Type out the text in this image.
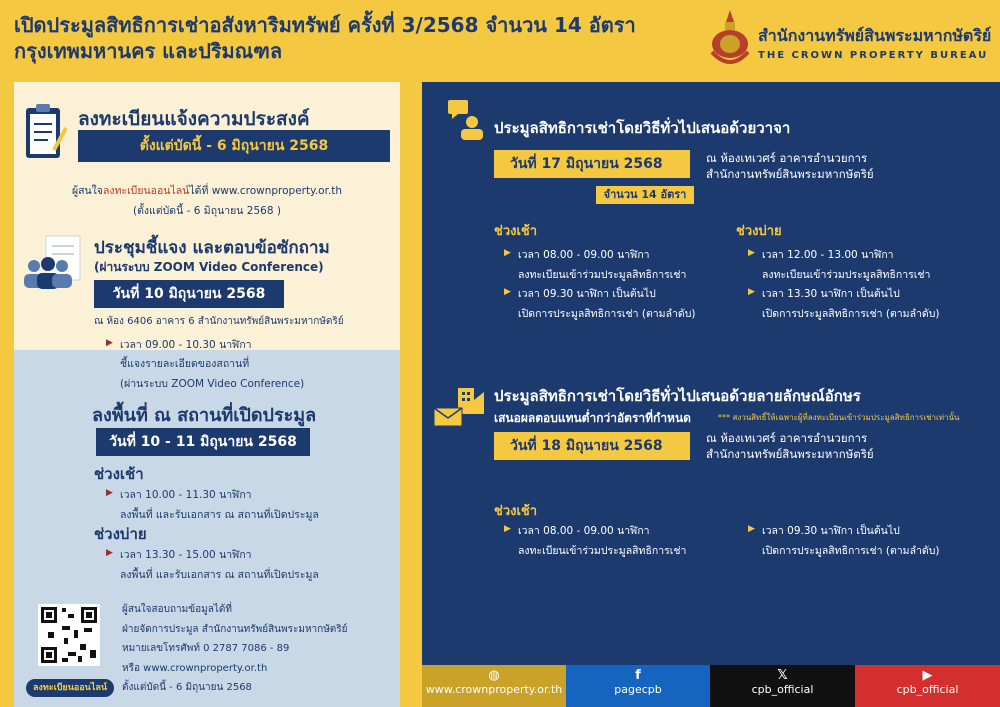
เปิดประมูลสิทธิการเช่าอสังหาริมทรัพย์ ครั้งที่ 3/2568 จำนวน 14 อัตรา
กรุงเทพมหานคร และปริมณฑล
สำนักงานทรัพย์สินพระมหากษัตริย์
THE CROWN PROPERTY BUREAU
ลงทะเบียนแจ้งความประสงค์
ตั้งแต่บัดนี้ - 6 มิถุนายน 2568
ผู้สนใจลงทะเบียนออนไลน์ได้ที่ www.crownproperty.or.th
(ตั้งแต่บัดนี้ - 6 มิถุนายน 2568 )
ประชุมชี้แจง และตอบข้อซักถาม
(ผ่านระบบ ZOOM Video Conference)
วันที่ 10 มิถุนายน 2568
ณ ห้อง 6406 อาคาร 6 สำนักงานทรัพย์สินพระมหากษัตริย์
▶ เวลา 09.00 - 10.30 นาฬิกา
ชี้แจงรายละเอียดของสถานที่
(ผ่านระบบ ZOOM Video Conference)
ลงพื้นที่ ณ สถานที่เปิดประมูล
วันที่ 10 - 11 มิถุนายน 2568
ช่วงเช้า
▶ เวลา 10.00 - 11.30 นาฬิกา
ลงพื้นที่ และรับเอกสาร ณ สถานที่เปิดประมูล
ช่วงบ่าย
▶ เวลา 13.30 - 15.00 นาฬิกา
ลงพื้นที่ และรับเอกสาร ณ สถานที่เปิดประมูล
ลงทะเบียนออนไลน์
ผู้สนใจสอบถามข้อมูลได้ที่
ฝ่ายจัดการประมูล สำนักงานทรัพย์สินพระมหากษัตริย์
หมายเลขโทรศัพท์ 0 2787 7086 - 89
หรือ www.crownproperty.or.th
ตั้งแต่บัดนี้ - 6 มิถุนายน 2568
ประมูลสิทธิการเช่าโดยวิธีทั่วไปเสนอด้วยวาจา
วันที่ 17 มิถุนายน 2568
จำนวน 14 อัตรา
ณ ห้องเทเวศร์ อาคารอำนวยการ
สำนักงานทรัพย์สินพระมหากษัตริย์
ช่วงเช้า
▶ เวลา 08.00 - 09.00 นาฬิกา
ลงทะเบียนเข้าร่วมประมูลสิทธิการเช่า
▶ เวลา 09.30 นาฬิกา เป็นต้นไป
เปิดการประมูลสิทธิการเช่า (ตามลำดับ)
ช่วงบ่าย
▶ เวลา 12.00 - 13.00 นาฬิกา
ลงทะเบียนเข้าร่วมประมูลสิทธิการเช่า
▶ เวลา 13.30 นาฬิกา เป็นต้นไป
เปิดการประมูลสิทธิการเช่า (ตามลำดับ)
ประมูลสิทธิการเช่าโดยวิธีทั่วไปเสนอด้วยลายลักษณ์อักษร
เสนอผลตอบแทนต่ำกว่าอัตราที่กำหนด	*** สงวนสิทธิ์ให้เฉพาะผู้ที่ลงทะเบียนเข้าร่วมประมูลสิทธิการเช่าเท่านั้น
วันที่ 18 มิถุนายน 2568	ณ ห้องเทเวศร์ อาคารอำนวยการ
สำนักงานทรัพย์สินพระมหากษัตริย์
ช่วงเช้า
▶ เวลา 08.00 - 09.00 นาฬิกา
ลงทะเบียนเข้าร่วมประมูลสิทธิการเช่า
▶ เวลา 09.30 นาฬิกา เป็นต้นไป
เปิดการประมูลสิทธิการเช่า (ตามลำดับ)
◍
www.crownproperty.or.th
f
pagecpb
𝕏
cpb_official
▶
cpb_official
